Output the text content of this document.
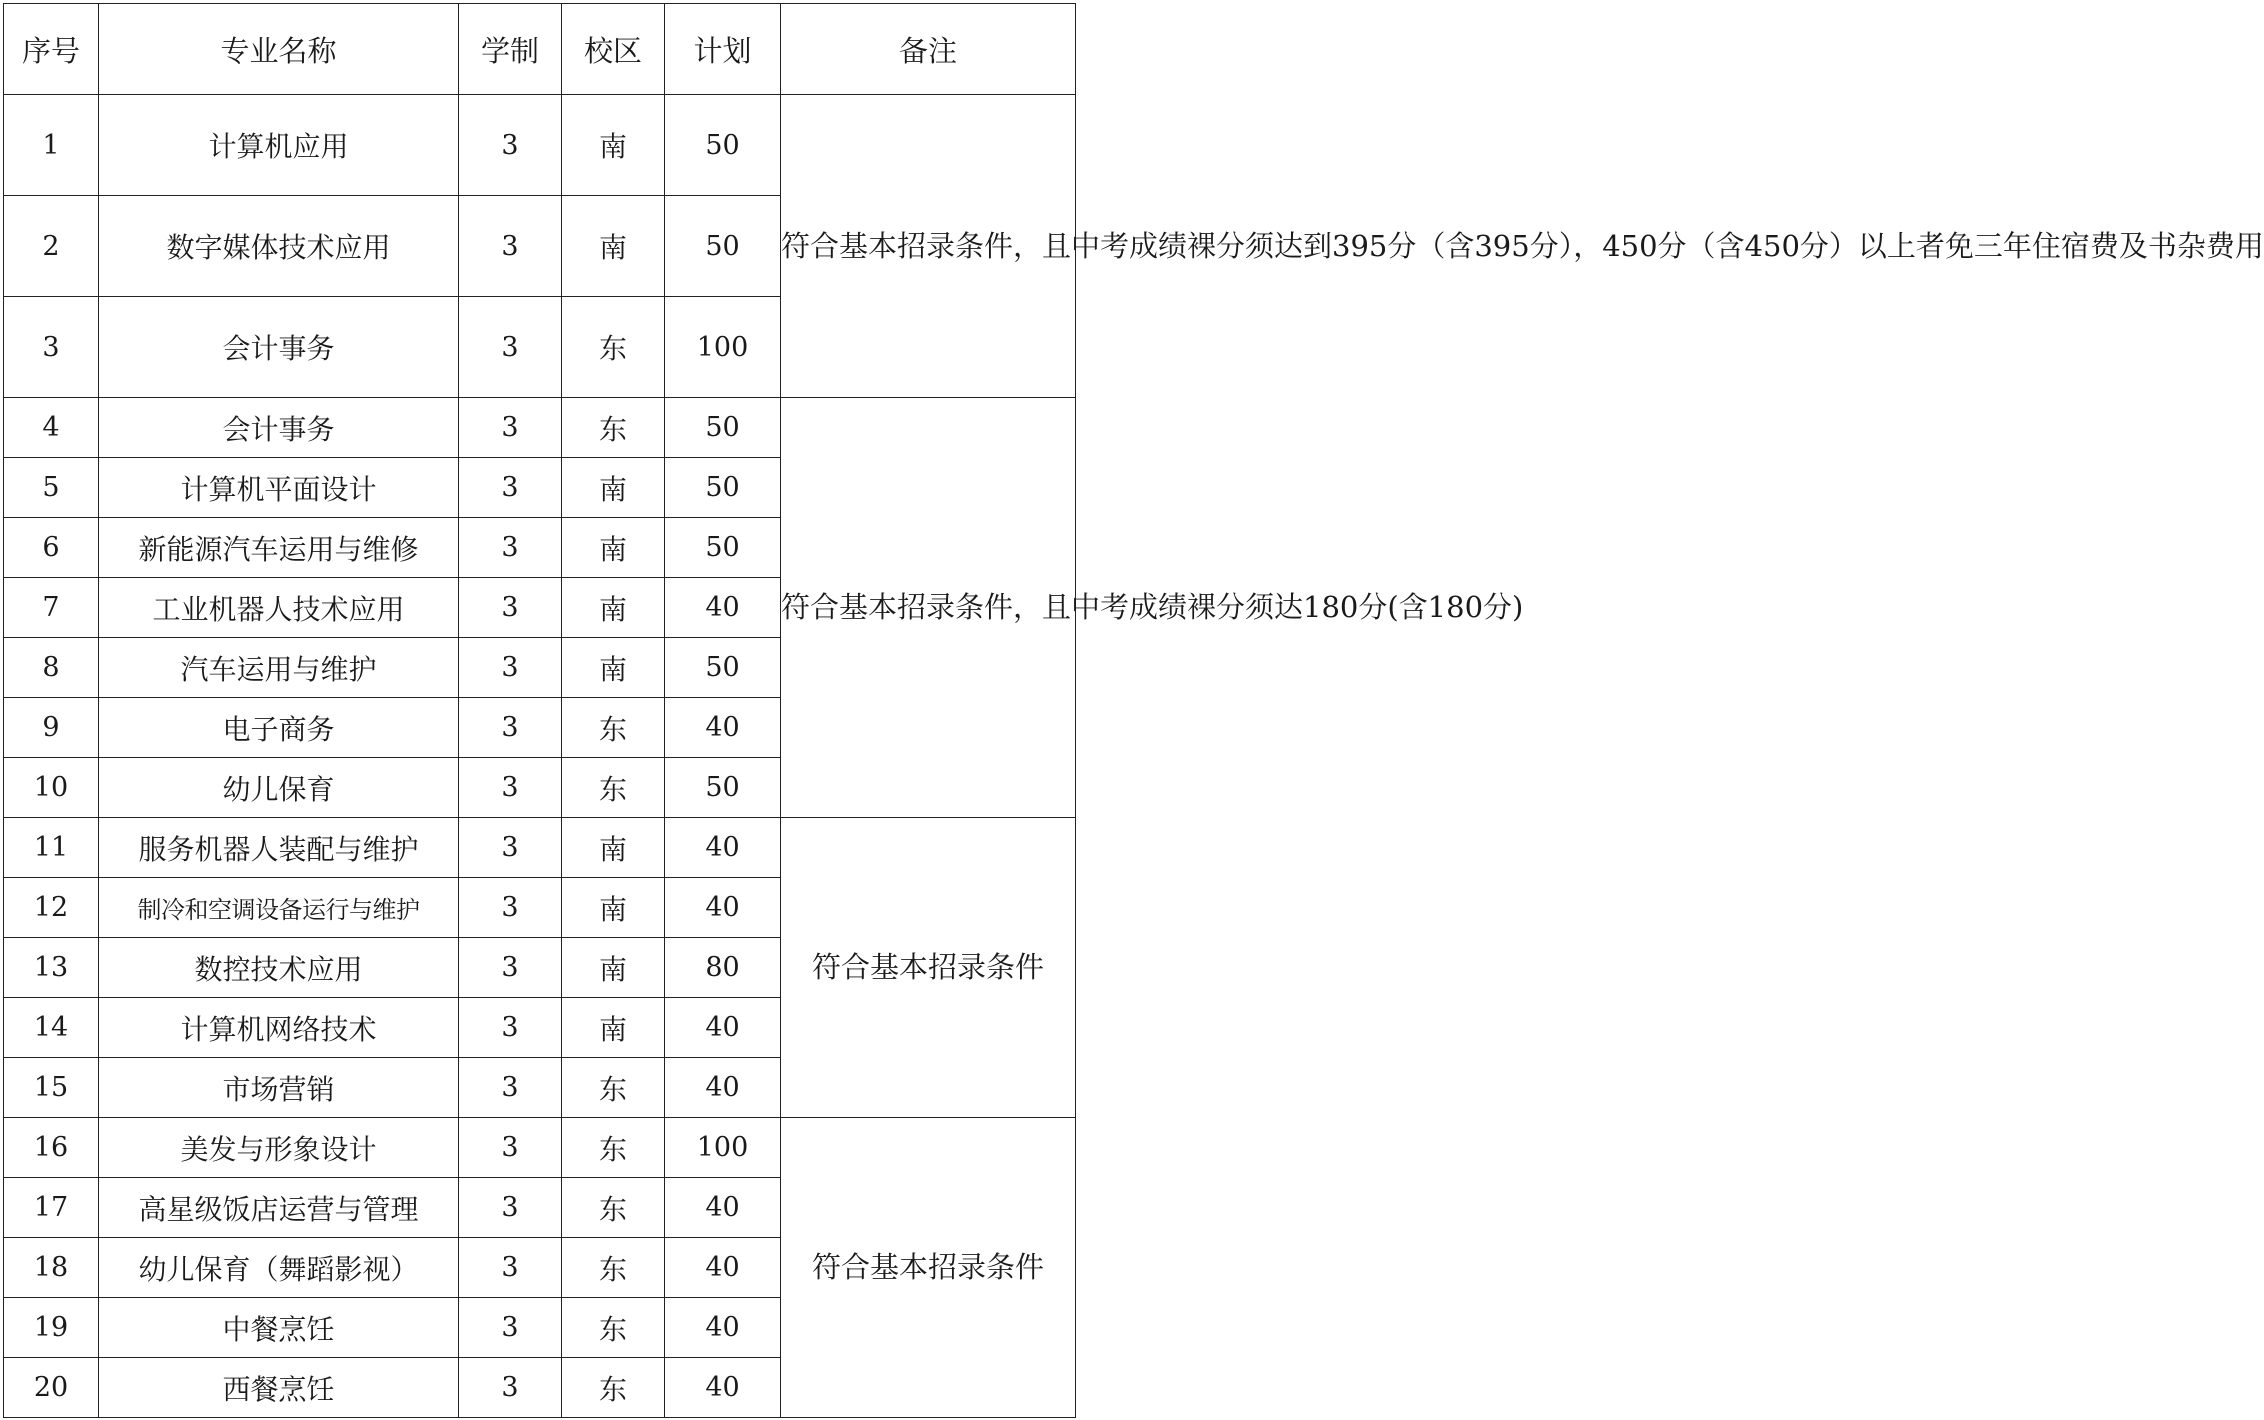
序号	专业名称	学制	校区	计划	备注
1	计算机应用	3	南	50	符合基本招录条件，且中考成绩裸分须达到395分（含395分），450分（含450分）以上者免三年住宿费及书杂费用
2	数字媒体技术应用	3	南	50	
3	会计事务	3	东	100	
4	会计事务	3	东	50	符合基本招录条件，且中考成绩裸分须达180分(含180分)
5	计算机平面设计	3	南	50	
6	新能源汽车运用与维修	3	南	50	
7	工业机器人技术应用	3	南	40	
8	汽车运用与维护	3	南	50	
9	电子商务	3	东	40	
10	幼儿保育	3	东	50	
11	服务机器人装配与维护	3	南	40	符合基本招录条件
12	制冷和空调设备运行与维护	3	南	40	
13	数控技术应用	3	南	80	
14	计算机网络技术	3	南	40	
15	市场营销	3	东	40	
16	美发与形象设计	3	东	100	符合基本招录条件
17	高星级饭店运营与管理	3	东	40	
18	幼儿保育（舞蹈影视）	3	东	40	
19	中餐烹饪	3	东	40	
20	西餐烹饪	3	东	40	
